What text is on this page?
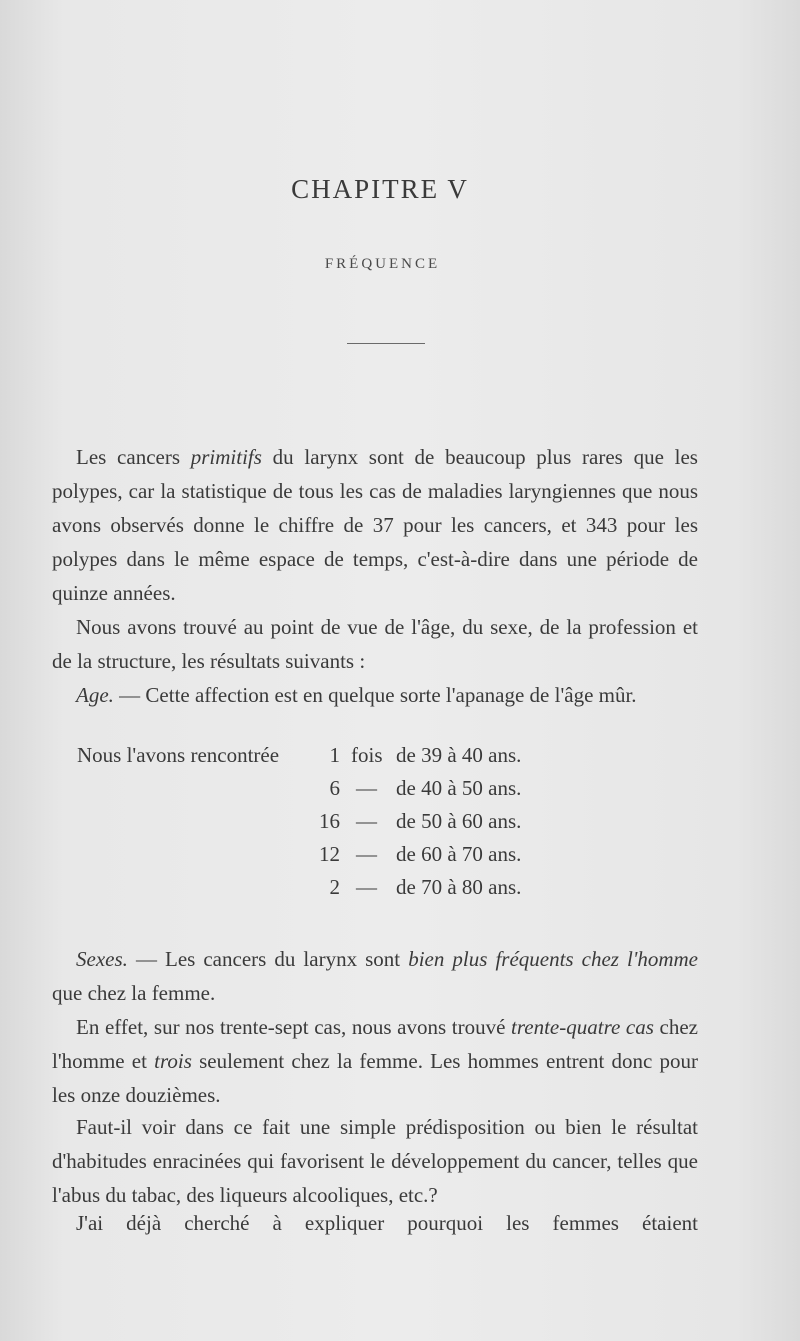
CHAPITRE V
FRÉQUENCE
Les cancers primitifs du larynx sont de beaucoup plus rares que les polypes, car la statistique de tous les cas de maladies laryngiennes que nous avons observés donne le chiffre de 37 pour les cancers, et 343 pour les polypes dans le même espace de temps, c'est-à-dire dans une période de quinze années.
Nous avons trouvé au point de vue de l'âge, du sexe, de la profession et de la structure, les résultats suivants :
Age. — Cette affection est en quelque sorte l'apanage de l'âge mûr.
Nous l'avons rencontrée	1 fois de 39 à 40 ans.
6 — de 40 à 50 ans.
16 — de 50 à 60 ans.
12 — de 60 à 70 ans.
2 — de 70 à 80 ans.
Sexes. — Les cancers du larynx sont bien plus fréquents chez l'homme que chez la femme.
En effet, sur nos trente-sept cas, nous avons trouvé trente-quatre cas chez l'homme et trois seulement chez la femme. Les hommes entrent donc pour les onze douzièmes.
Faut-il voir dans ce fait une simple prédisposition ou bien le résultat d'habitudes enracinées qui favorisent le développement du cancer, telles que l'abus du tabac, des liqueurs alcooliques, etc.?
J'ai déjà cherché à expliquer pourquoi les femmes étaient
